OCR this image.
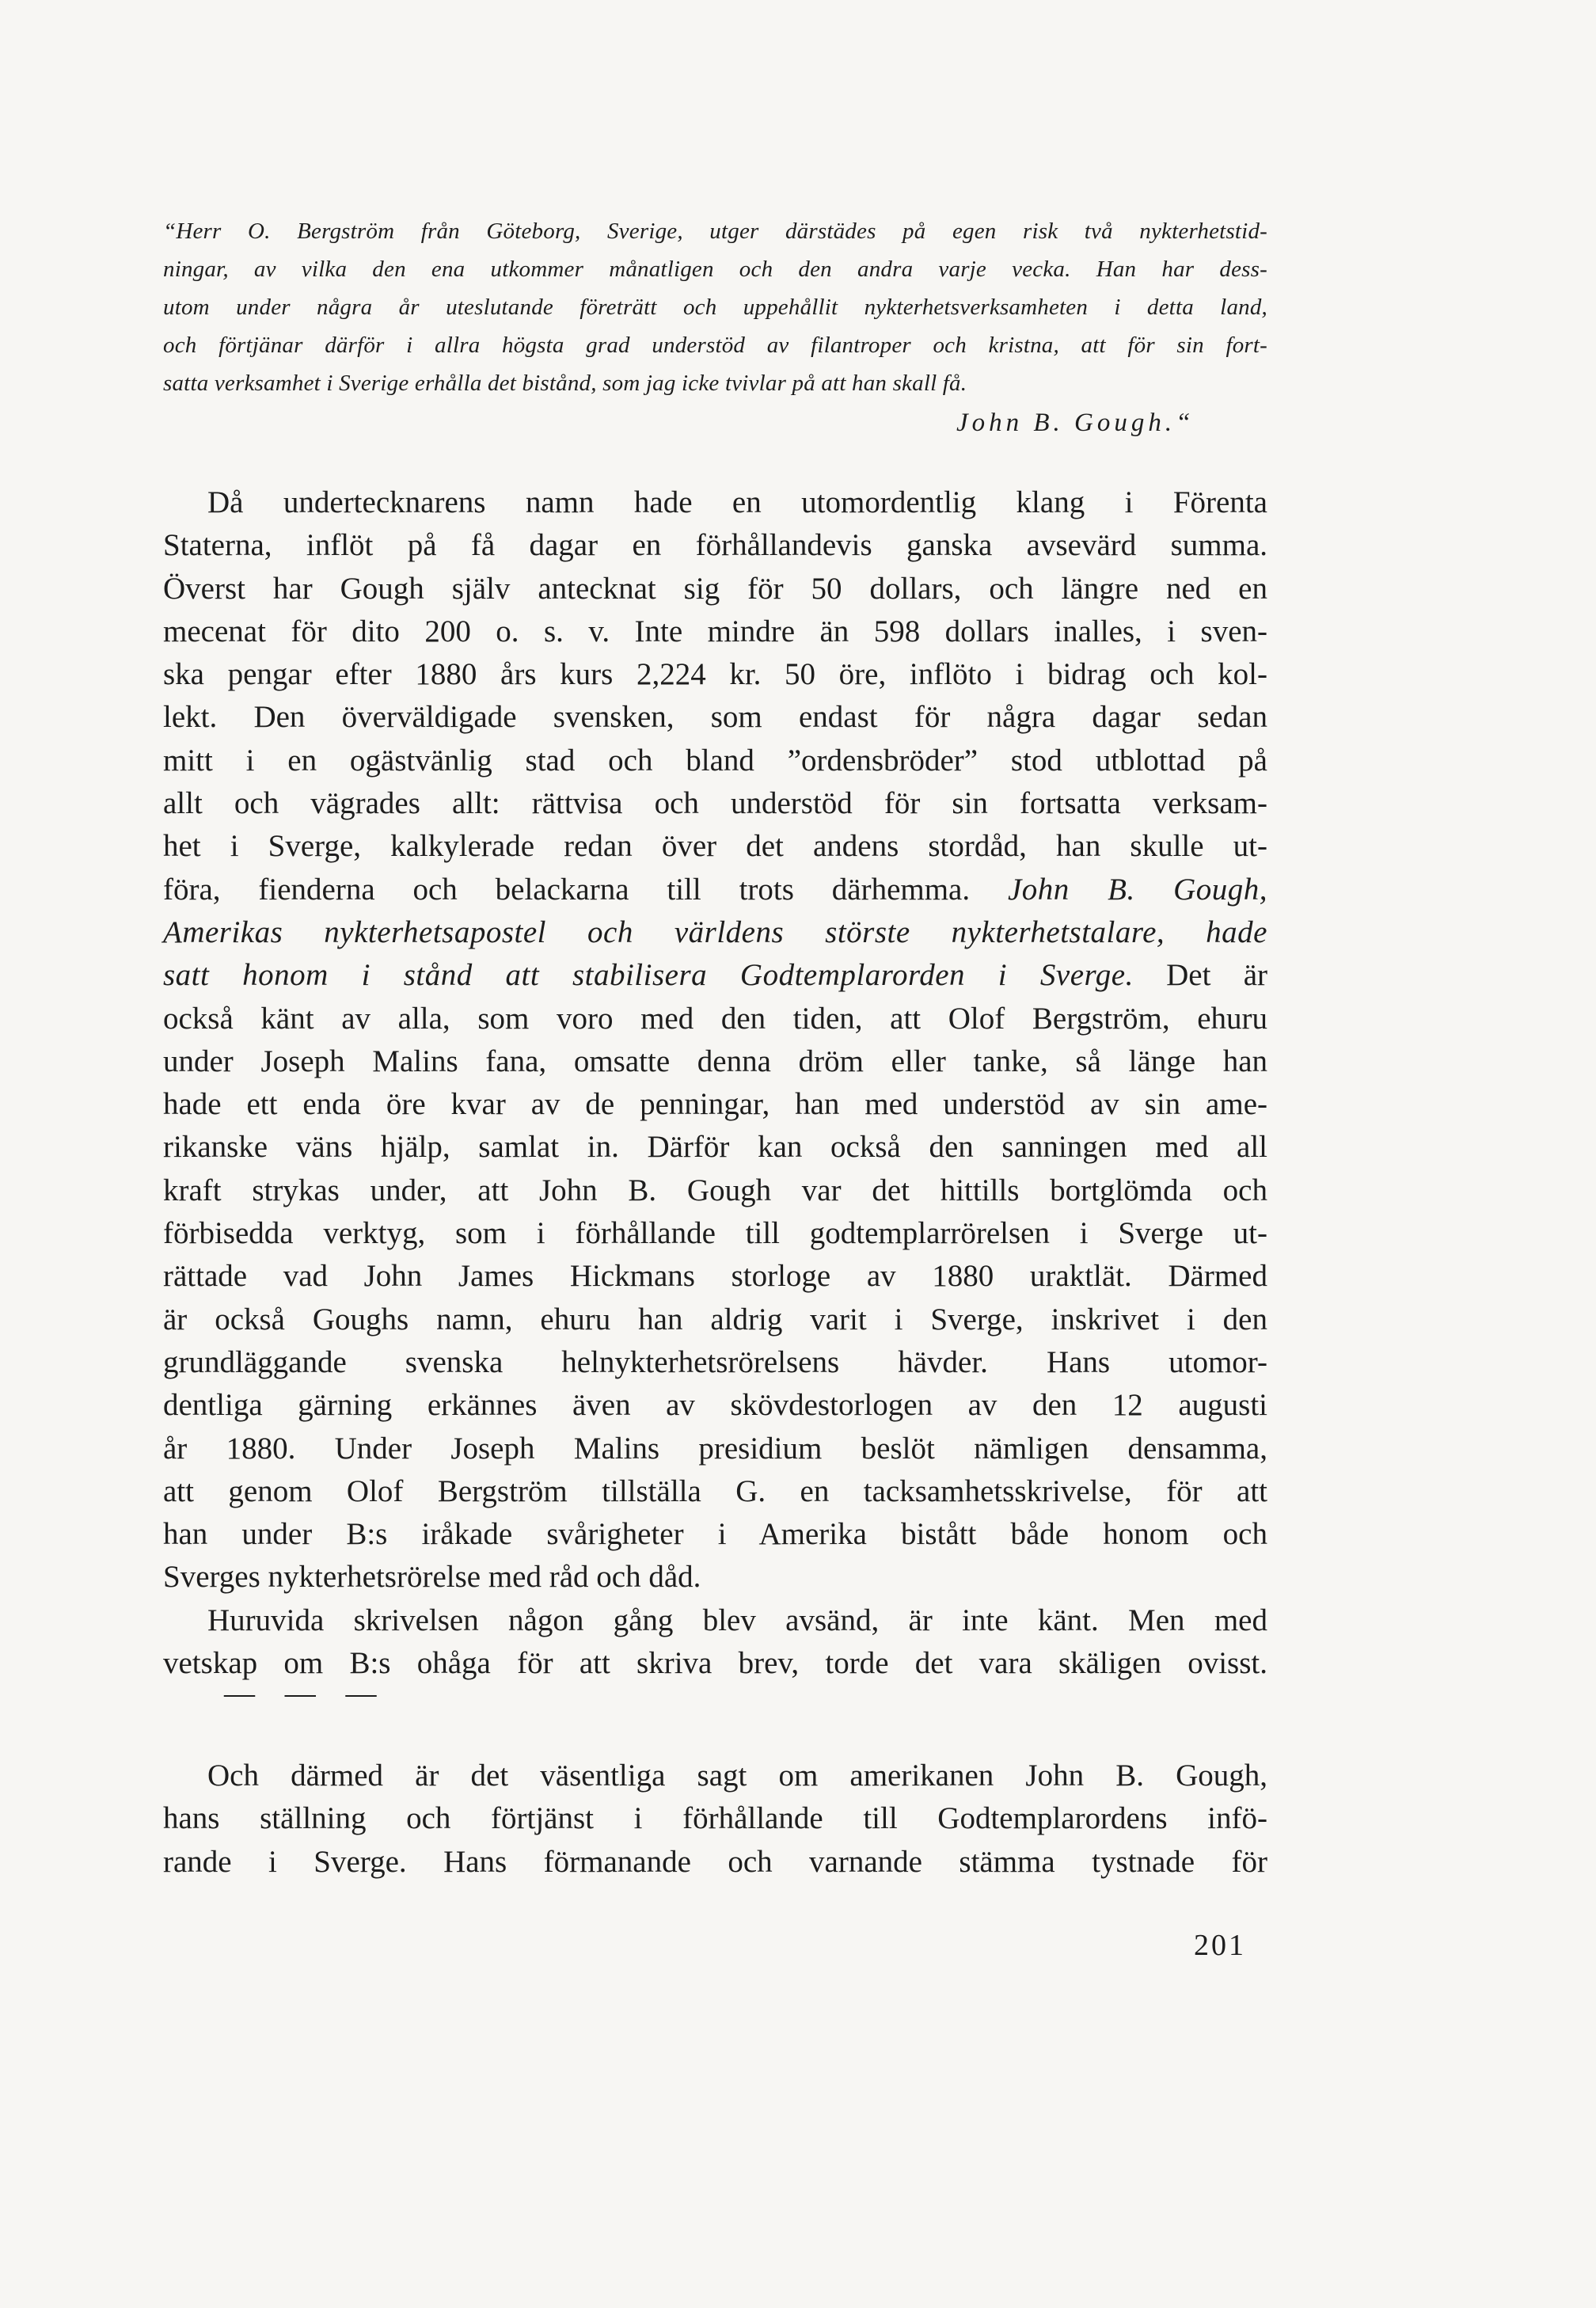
“Herr O. Bergström från Göteborg, Sverige, utger därstädes på egen risk två nykterhetstid-
ningar, av vilka den ena utkommer månatligen och den andra varje vecka. Han har dess-
utom under några år uteslutande företrätt och uppehållit nykterhetsverksamheten i detta land,
och förtjänar därför i allra högsta grad understöd av filantroper och kristna, att för sin fort-
satta verksamhet i Sverige erhålla det bistånd, som jag icke tvivlar på att han skall få.
John B. Gough.“
Då undertecknarens namn hade en utomordentlig klang i Förenta
Staterna, inflöt på få dagar en förhållandevis ganska avsevärd summa.
Överst har Gough själv antecknat sig för 50 dollars, och längre ned en
mecenat för dito 200 o. s. v. Inte mindre än 598 dollars inalles, i sven-
ska pengar efter 1880 års kurs 2,224 kr. 50 öre, inflöto i bidrag och kol-
lekt. Den överväldigade svensken, som endast för några dagar sedan
mitt i en ogästvänlig stad och bland ”ordensbröder” stod utblottad på
allt och vägrades allt: rättvisa och understöd för sin fortsatta verksam-
het i Sverge, kalkylerade redan över det andens stordåd, han skulle ut-
föra, fienderna och belackarna till trots därhemma. John B. Gough,
Amerikas nykterhetsapostel och världens störste nykterhetstalare, hade
satt honom i stånd att stabilisera Godtemplarorden i Sverge. Det är
också känt av alla, som voro med den tiden, att Olof Bergström, ehuru
under Joseph Malins fana, omsatte denna dröm eller tanke, så länge han
hade ett enda öre kvar av de penningar, han med understöd av sin ame-
rikanske väns hjälp, samlat in. Därför kan också den sanningen med all
kraft strykas under, att John B. Gough var det hittills bortglömda och
förbisedda verktyg, som i förhållande till godtemplarrörelsen i Sverge ut-
rättade vad John James Hickmans storloge av 1880 uraktlät. Därmed
är också Goughs namn, ehuru han aldrig varit i Sverge, inskrivet i den
grundläggande svenska helnykterhetsrörelsens hävder. Hans utomor-
dentliga gärning erkännes även av skövdestorlogen av den 12 augusti
år 1880. Under Joseph Malins presidium beslöt nämligen densamma,
att genom Olof Bergström tillställa G. en tacksamhetsskrivelse, för att
han under B:s iråkade svårigheter i Amerika bistått både honom och
Sverges nykterhetsrörelse med råd och dåd.
Huruvida skrivelsen någon gång blev avsänd, är inte känt. Men med
vetskap om B:s ohåga för att skriva brev, torde det vara skäligen ovisst.
— — —
Och därmed är det väsentliga sagt om amerikanen John B. Gough,
hans ställning och förtjänst i förhållande till Godtemplarordens infö-
rande i Sverge. Hans förmanande och varnande stämma tystnade för
201
